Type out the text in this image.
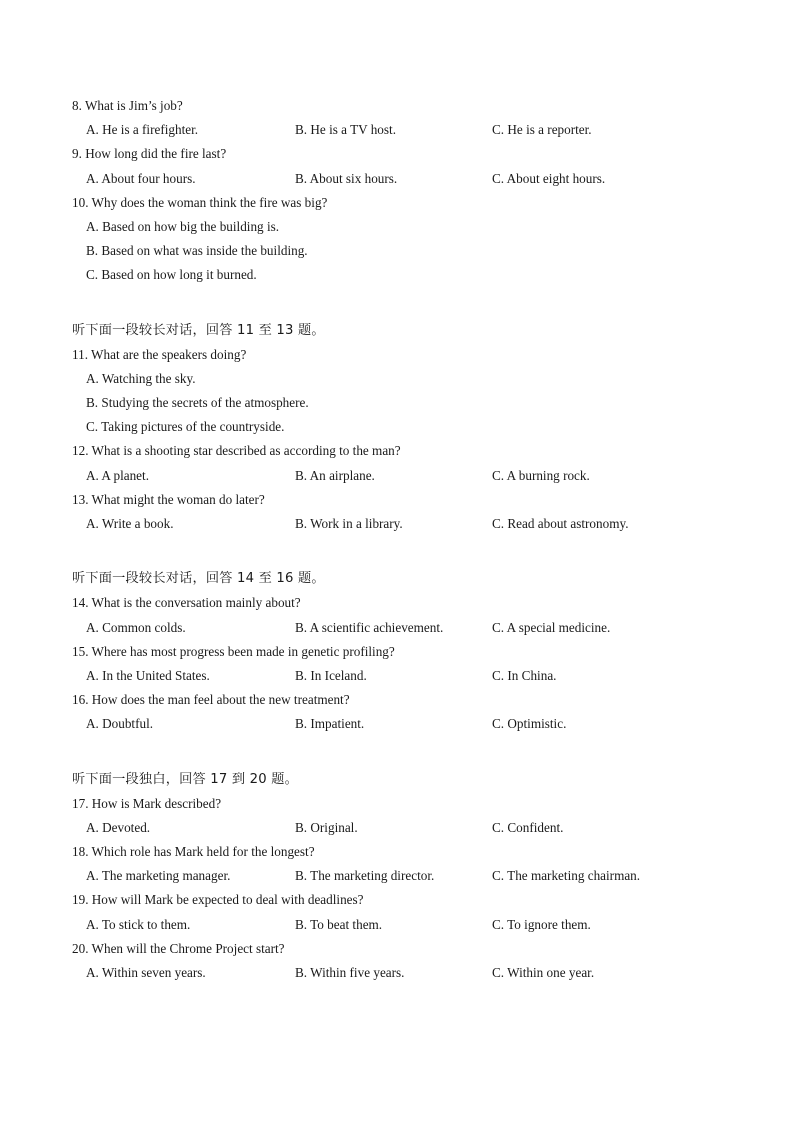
8. What is Jim’s job?
A. He is a firefighter.	B. He is a TV host.	C. He is a reporter.
9. How long did the fire last?
A. About four hours.	B. About six hours.	C. About eight hours.
10. Why does the woman think the fire was big?
A. Based on how big the building is.
B. Based on what was inside the building.
C. Based on how long it burned.
听下面一段较长对话，回答 11 至 13 题。
11. What are the speakers doing?
A. Watching the sky.
B. Studying the secrets of the atmosphere.
C. Taking pictures of the countryside.
12. What is a shooting star described as according to the man?
A. A planet.	B. An airplane.	C. A burning rock.
13. What might the woman do later?
A. Write a book.	B. Work in a library.	C. Read about astronomy.
听下面一段较长对话，回答 14 至 16 题。
14. What is the conversation mainly about?
A. Common colds.	B. A scientific achievement.	C. A special medicine.
15. Where has most progress been made in genetic profiling?
A. In the United States.	B. In Iceland.	C. In China.
16. How does the man feel about the new treatment?
A. Doubtful.	B. Impatient.	C. Optimistic.
听下面一段独白，回答 17 到 20 题。
17. How is Mark described?
A. Devoted.	B. Original.	C. Confident.
18. Which role has Mark held for the longest?
A. The marketing manager.	B. The marketing director.	C. The marketing chairman.
19. How will Mark be expected to deal with deadlines?
A. To stick to them.	B. To beat them.	C. To ignore them.
20. When will the Chrome Project start?
A. Within seven years.	B. Within five years.	C. Within one year.
